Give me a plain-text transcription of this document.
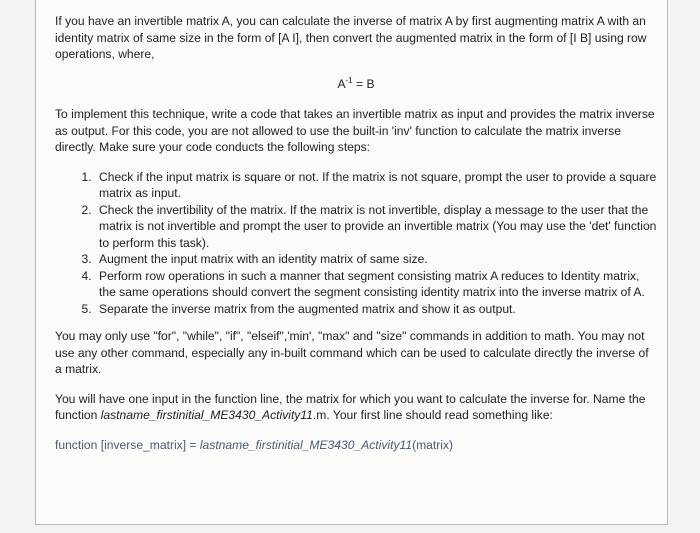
If you have an invertible matrix A, you can calculate the inverse of matrix A by first augmenting matrix A with an identity matrix of same size in the form of [A I], then convert the augmented matrix in the form of [I B] using row operations, where,

$A^{-1} = B$

To implement this technique, write a code that takes an invertible matrix as input and provides the matrix inverse as output. For this code, you are not allowed to use the built-in 'inv' function to calculate the matrix inverse directly. Make sure your code conducts the following steps:

1. Check if the input matrix is square or not. If the matrix is not square, prompt the user to provide a square matrix as input.
2. Check the invertibility of the matrix. If the matrix is not invertible, display a message to the user that the matrix is not invertible and prompt the user to provide an invertible matrix (You may use the 'det' function to perform this task).
3. Augment the input matrix with an identity matrix of same size.
4. Perform row operations in such a manner that segment consisting matrix A reduces to Identity matrix, the same operations should convert the segment consisting identity matrix into the inverse matrix of A.
5. Separate the inverse matrix from the augmented matrix and show it as output.

You may only use "for", "while", "if", "elseif",'min', "max" and "size" commands in addition to math. You may not use any other command, especially any in-built command which can be used to calculate directly the inverse of a matrix.

You will have one input in the function line, the matrix for which you want to calculate the inverse for. Name the function lastname_firstinitial_ME3430_Activity11.m. Your first line should read something like:

function [inverse_matrix] = lastname_firstinitial_ME3430_Activity11(matrix)
